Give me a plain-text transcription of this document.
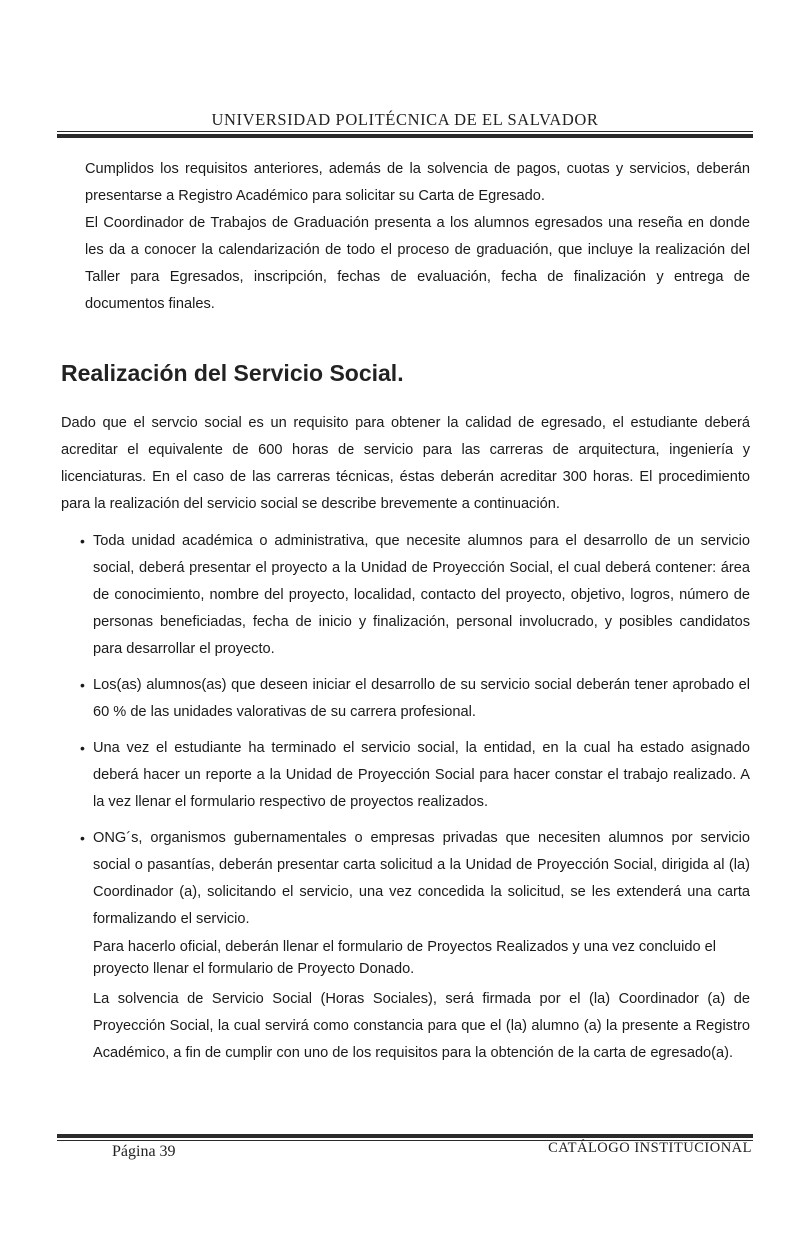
UNIVERSIDAD POLITÉCNICA DE EL SALVADOR

Cumplidos los requisitos anteriores, además de la solvencia de pagos, cuotas y servicios, deberán presentarse a Registro Académico para solicitar su Carta de Egresado.

El Coordinador de Trabajos de Graduación presenta a los alumnos egresados una reseña en donde les da a conocer la calendarización de todo el proceso de graduación, que incluye la realización del Taller para Egresados, inscripción, fechas de evaluación, fecha de finalización y entrega de documentos finales.

Realización del Servicio Social.

Dado que el servcio social es un requisito para obtener la calidad de egresado, el estudiante deberá acreditar el equivalente de 600 horas de servicio para las carreras de arquitectura, ingeniería y licenciaturas. En el caso de las carreras técnicas, éstas deberán acreditar 300 horas. El procedimiento para la realización del servicio social se describe brevemente a continuación.

• Toda unidad académica o administrativa, que necesite alumnos para el desarrollo de un servicio social, deberá presentar el proyecto a la Unidad de Proyección Social, el cual deberá contener: área de conocimiento, nombre del proyecto, localidad, contacto del proyecto, objetivo, logros, número de personas beneficiadas, fecha de inicio y finalización, personal involucrado, y posibles candidatos para desarrollar el proyecto.

• Los(as) alumnos(as) que deseen iniciar el desarrollo de su servicio social deberán tener aprobado el 60 % de las unidades valorativas de su carrera profesional.

• Una vez el estudiante ha terminado el servicio social, la entidad, en la cual ha estado asignado deberá hacer un reporte a la Unidad de Proyección Social para hacer constar el trabajo realizado. A la vez llenar el formulario respectivo de proyectos realizados.

• ONG´s, organismos gubernamentales o empresas privadas que necesiten alumnos por servicio social o pasantías, deberán presentar carta solicitud a la Unidad de Proyección Social, dirigida al (la) Coordinador (a), solicitando el servicio, una vez concedida la solicitud, se les extenderá una carta formalizando el servicio.

Para hacerlo oficial, deberán llenar el formulario de Proyectos Realizados y una vez concluido el proyecto llenar el formulario de Proyecto Donado.

La solvencia de Servicio Social (Horas Sociales), será firmada por el (la) Coordinador (a) de Proyección Social, la cual servirá como constancia para que el (la) alumno (a) la presente a Registro Académico, a fin de cumplir con uno de los requisitos para la obtención de la carta de egresado(a).

Página 39	CATÁLOGO INSTITUCIONAL
